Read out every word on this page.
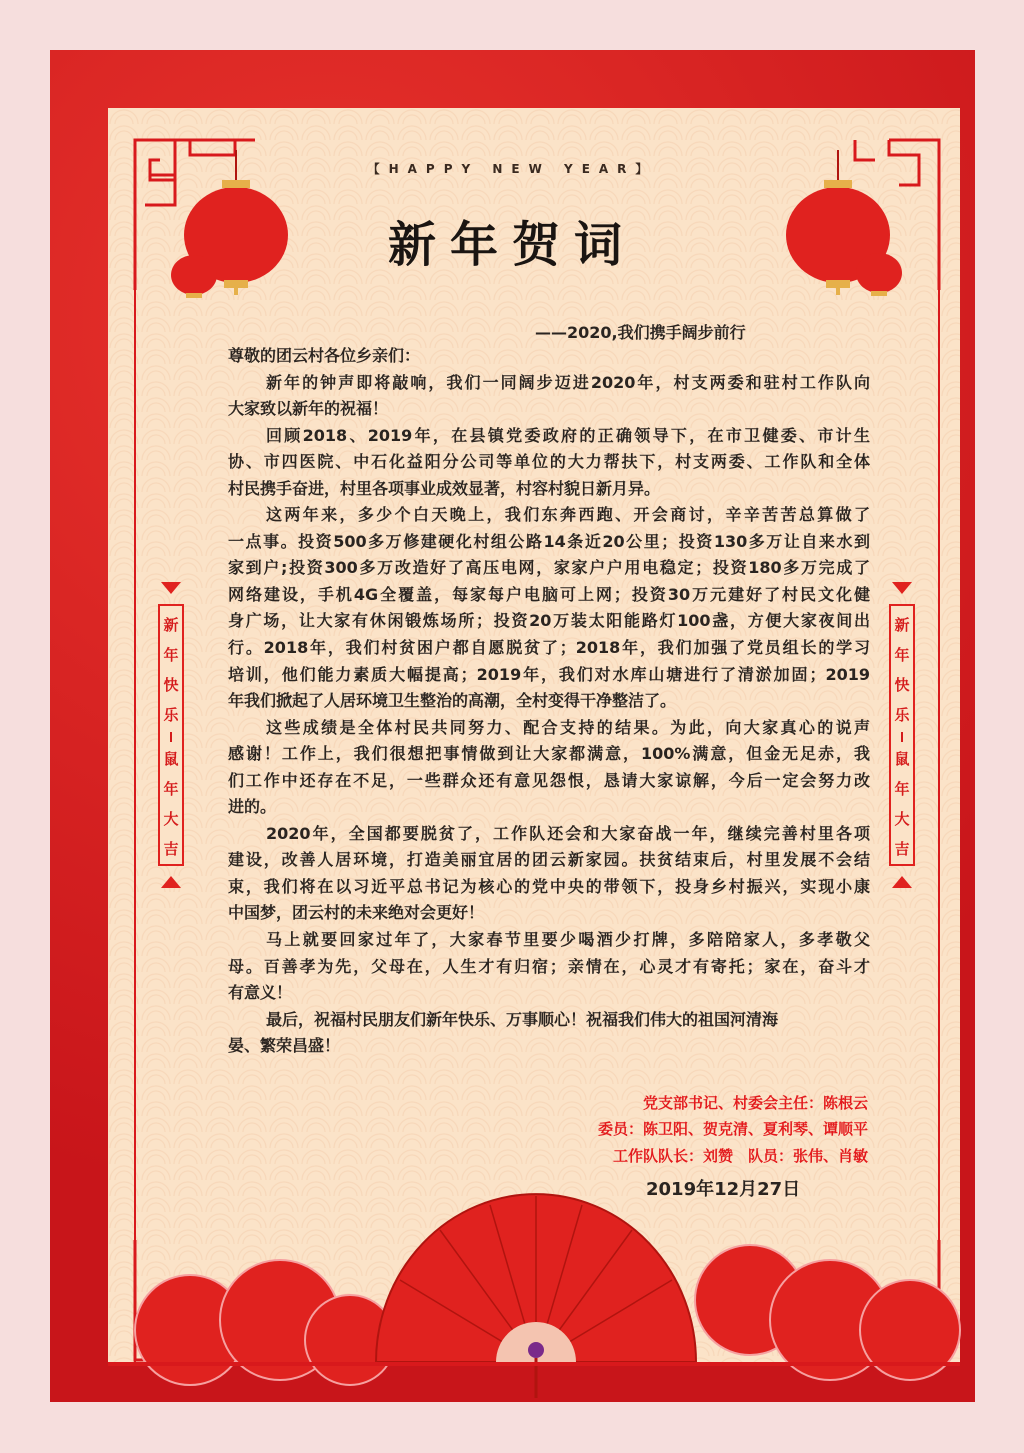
【HAPPY NEW YEAR】
新年贺词
——2020,我们携手阔步前行
尊敬的团云村各位乡亲们：
新年的钟声即将敲响，我们一同阔步迈进2020年，村支两委和驻村工作队向
大家致以新年的祝福！
回顾2018、2019年，在县镇党委政府的正确领导下，在市卫健委、市计生
协、市四医院、中石化益阳分公司等单位的大力帮扶下，村支两委、工作队和全体
村民携手奋进，村里各项事业成效显著，村容村貌日新月异。
这两年来，多少个白天晚上，我们东奔西跑、开会商讨，辛辛苦苦总算做了
一点事。投资500多万修建硬化村组公路14条近20公里；投资130多万让自来水到
家到户;投资300多万改造好了高压电网，家家户户用电稳定；投资180多万完成了
网络建设，手机4G全覆盖，每家每户电脑可上网；投资30万元建好了村民文化健
身广场，让大家有休闲锻炼场所；投资20万装太阳能路灯100盏，方便大家夜间出
行。2018年，我们村贫困户都自愿脱贫了；2018年，我们加强了党员组长的学习
培训，他们能力素质大幅提高；2019年，我们对水库山塘进行了清淤加固；2019
年我们掀起了人居环境卫生整治的高潮，全村变得干净整洁了。
这些成绩是全体村民共同努力、配合支持的结果。为此，向大家真心的说声
感谢！工作上，我们很想把事情做到让大家都满意，100%满意，但金无足赤，我
们工作中还存在不足，一些群众还有意见怨恨，恳请大家谅解，今后一定会努力改
进的。
2020年，全国都要脱贫了，工作队还会和大家奋战一年，继续完善村里各项
建设，改善人居环境，打造美丽宜居的团云新家园。扶贫结束后，村里发展不会结
束，我们将在以习近平总书记为核心的党中央的带领下，投身乡村振兴，实现小康
中国梦，团云村的未来绝对会更好！
马上就要回家过年了，大家春节里要少喝酒少打牌，多陪陪家人，多孝敬父
母。百善孝为先，父母在，人生才有归宿；亲情在，心灵才有寄托；家在，奋斗才
有意义！
最后，祝福村民朋友们新年快乐、万事顺心！祝福我们伟大的祖国河清海
晏、繁荣昌盛！
党支部书记、村委会主任：陈根云
委员：陈卫阳、贺克清、夏利琴、谭顺平
工作队队长：刘赞　队员：张伟、肖敏
2019年12月27日
新
年
快
乐
鼠
年
大
吉
新
年
快
乐
鼠
年
大
吉
